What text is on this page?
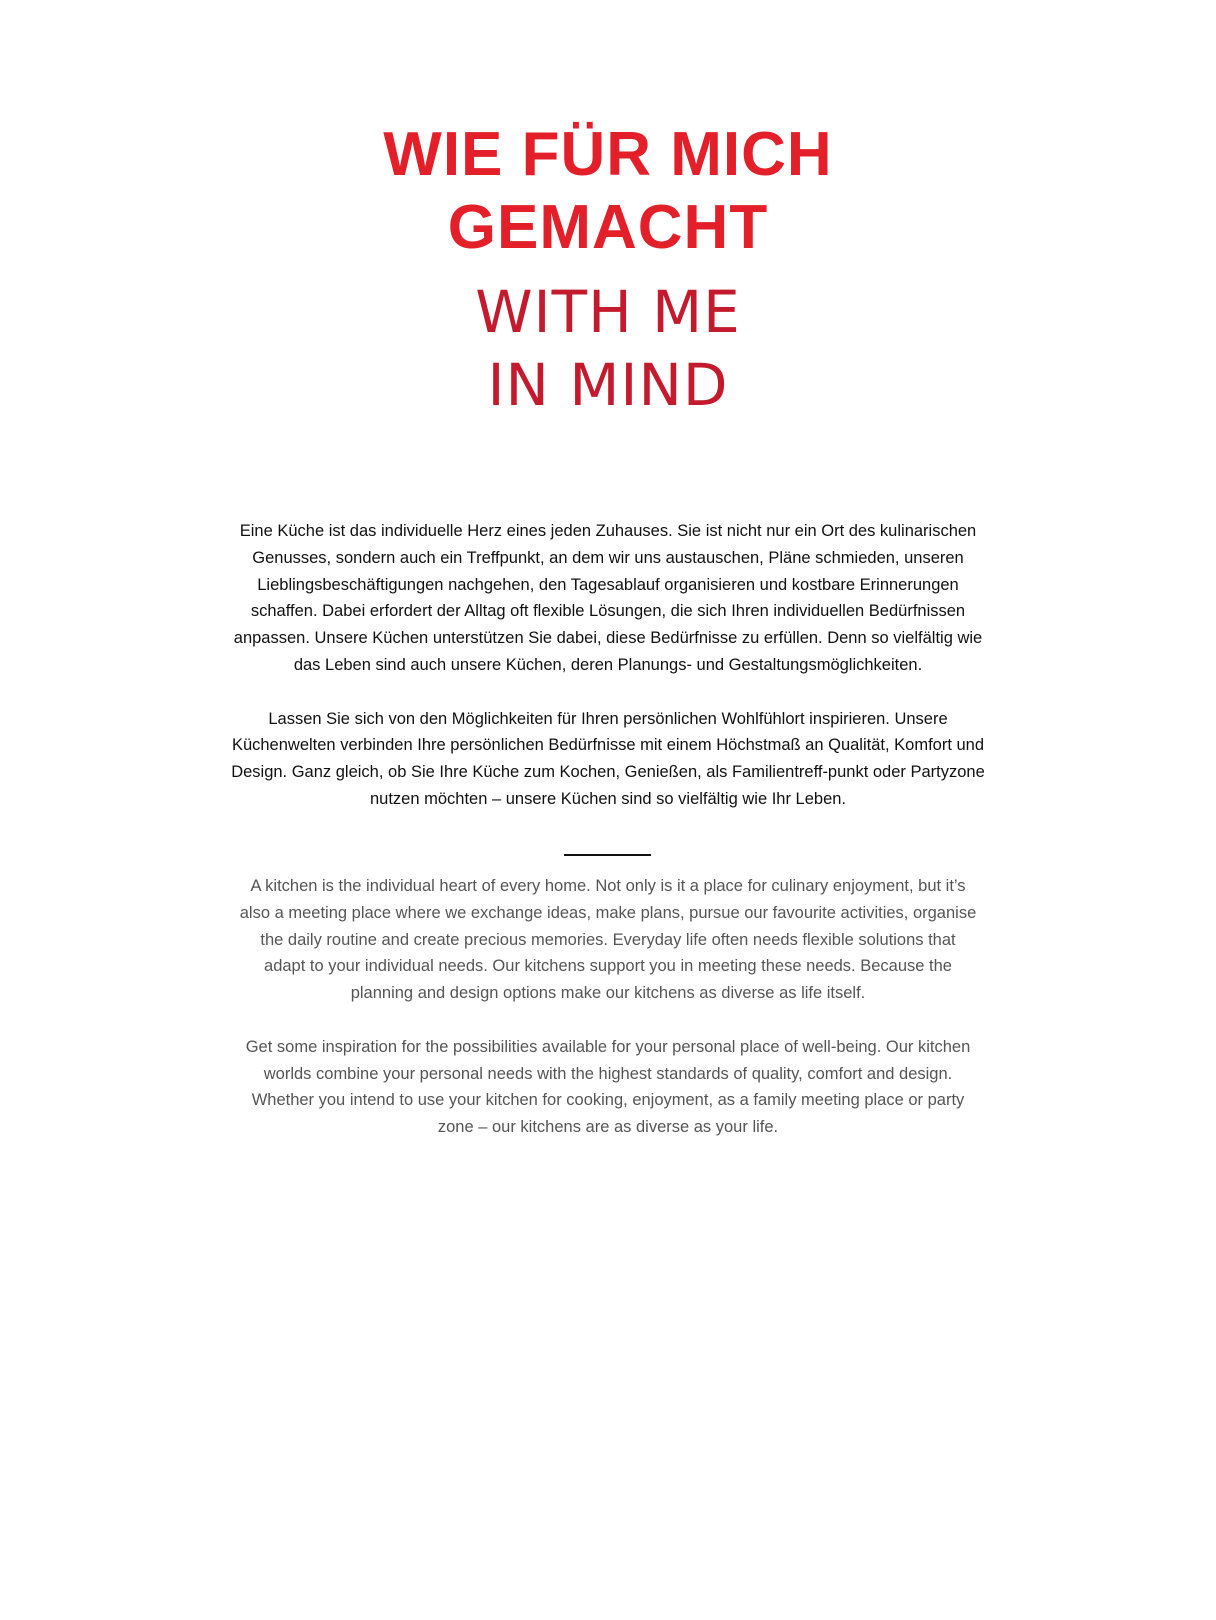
WIE FÜR MICH
GEMACHT
WITH ME
IN MIND

Eine Küche ist das individuelle Herz eines jeden Zuhauses. Sie ist nicht nur ein Ort des kulinarischen Genusses, sondern auch ein Treffpunkt, an dem wir uns austauschen, Pläne schmieden, unseren Lieblingsbeschäftigungen nachgehen, den Tagesablauf organisieren und kostbare Erinnerungen schaffen. Dabei erfordert der Alltag oft flexible Lösungen, die sich Ihren individuellen Bedürfnissen anpassen. Unsere Küchen unterstützen Sie dabei, diese Bedürfnisse zu erfüllen. Denn so vielfältig wie das Leben sind auch unsere Küchen, deren Planungs- und Gestaltungsmöglichkeiten.

Lassen Sie sich von den Möglichkeiten für Ihren persönlichen Wohlfühlort inspirieren. Unsere Küchenwelten verbinden Ihre persönlichen Bedürfnisse mit einem Höchstmaß an Qualität, Komfort und Design. Ganz gleich, ob Sie Ihre Küche zum Kochen, Genießen, als Familientreff-punkt oder Partyzone nutzen möchten – unsere Küchen sind so vielfältig wie Ihr Leben.

A kitchen is the individual heart of every home. Not only is it a place for culinary enjoyment, but it’s also a meeting place where we exchange ideas, make plans, pursue our favourite activities, organise the daily routine and create precious memories. Everyday life often needs flexible solutions that adapt to your individual needs. Our kitchens support you in meeting these needs. Because the planning and design options make our kitchens as diverse as life itself.

Get some inspiration for the possibilities available for your personal place of well-being. Our kitchen worlds combine your personal needs with the highest standards of quality, comfort and design. Whether you intend to use your kitchen for cooking, enjoyment, as a family meeting place or party zone – our kitchens are as diverse as your life.
